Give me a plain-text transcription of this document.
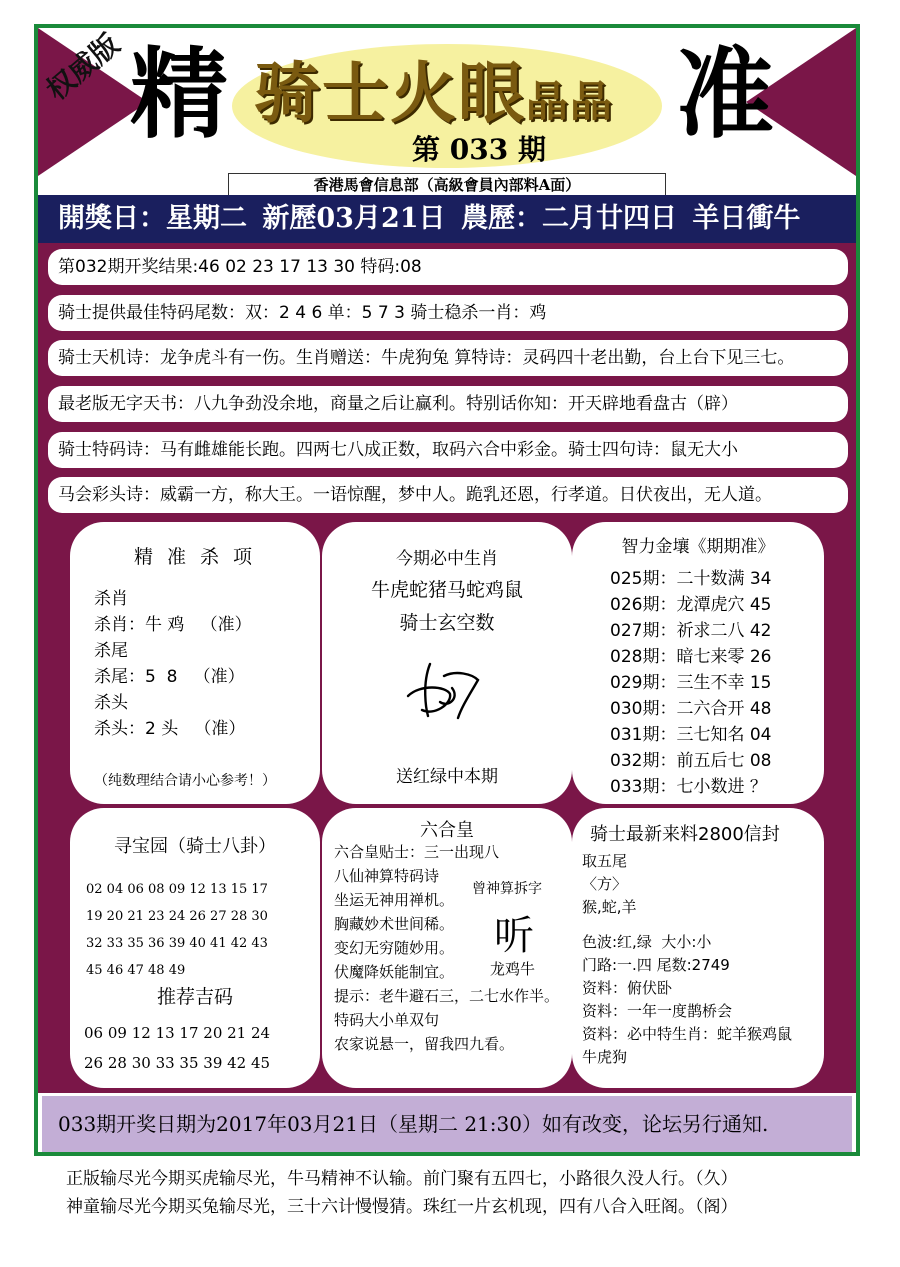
权威版 精 骑士火眼晶晶
第 033 期 准
香港馬會信息部（高級會員內部料A面）
開獎日：星期二 新歷03月21日 農歷：二月廿四日 羊日衝牛
第032期开奖结果:46 02 23 17 13 30 特码:08
骑士提供最佳特码尾数：双：2 4 6 单：5 7 3 骑士稳杀一肖：鸡
骑士天机诗：龙争虎斗有一伤。生肖赠送：牛虎狗兔 算特诗：灵码四十老出勤，台上台下见三七。
最老版无字天书：八九争劲没余地，商量之后让赢利。特别话你知：开天辟地看盘古（辟）
骑士特码诗：马有雌雄能长跑。四两七八成正数，取码六合中彩金。骑士四句诗：鼠无大小
马会彩头诗：威霸一方，称大王。一语惊醒，梦中人。跪乳还恩，行孝道。日伏夜出，无人道。
精 准 杀 项
杀肖
杀肖：牛 鸡   （准）
杀尾
杀尾：5  8   （准）
杀头
杀头：2 头   （准）
（纯数理结合请小心参考！）
今期必中生肖
牛虎蛇猪马蛇鸡鼠
骑士玄空数
送红绿中本期
智力金壤《期期准》
025期：二十数满 34
026期：龙潭虎穴 45
027期：祈求二八 42
028期：暗七来零 26
029期：三生不幸 15
030期：二六合开 48
031期：三七知名 04
032期：前五后七 08
033期：七小数进 ？
寻宝园（骑士八卦）
02 04 06 08 09 12 13 15 17
19 20 21 23 24 26 27 28 30
32 33 35 36 39 40 41 42 43
45 46 47 48 49
推荐吉码
06 09 12 13 17 20 21 24
26 28 30 33 35 39 42 45
六合皇
六合皇贴士：三一出现八
八仙神算特码诗
坐运无神用禅机。
胸藏妙术世间稀。
变幻无穷随妙用。
伏魔降妖能制宜。
提示：老牛避石三，二七水作半。
特码大小单双句
农家说悬一，留我四九看。
曾神算拆字
听
龙鸡牛
骑士最新来料2800信封
取五尾
〈方〉
猴,蛇,羊
色波:红,绿  大小:小
门路:一.四 尾数:2749
资料：俯伏卧
资料：一年一度鹊桥会
资料：必中特生肖：蛇羊猴鸡鼠
牛虎狗
033期开奖日期为2017年03月21日（星期二 21:30）如有改变，论坛另行通知.
正版输尽光今期买虎输尽光，牛马精神不认输。前门聚有五四七，小路很久没人行。（久）
神童输尽光今期买兔输尽光，三十六计慢慢猜。珠红一片玄机现，四有八合入旺阁。（阁）
